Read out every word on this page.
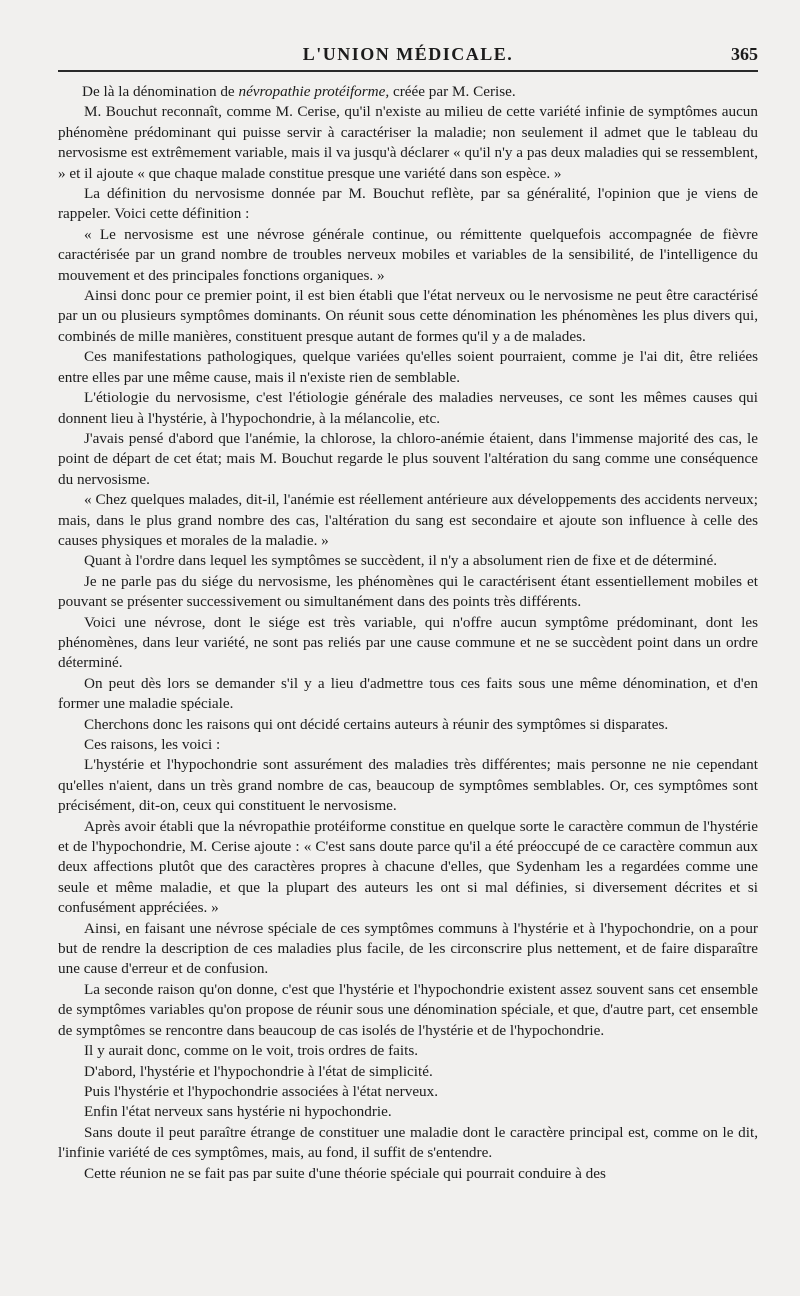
L'UNION MÉDICALE.	365

De là la dénomination de névropathie protéiforme, créée par M. Cerise.

M. Bouchut reconnaît, comme M. Cerise, qu'il n'existe au milieu de cette variété infinie de symptômes aucun phénomène prédominant qui puisse servir à caractériser la maladie; non seulement il admet que le tableau du nervosisme est extrêmement variable, mais il va jusqu'à déclarer « qu'il n'y a pas deux maladies qui se ressemblent, » et il ajoute « que chaque malade constitue presque une variété dans son espèce. »

La définition du nervosisme donnée par M. Bouchut reflète, par sa généralité, l'opinion que je viens de rappeler. Voici cette définition :

« Le nervosisme est une névrose générale continue, ou rémittente quelquefois accompagnée de fièvre caractérisée par un grand nombre de troubles nerveux mobiles et variables de la sensibilité, de l'intelligence du mouvement et des principales fonctions organiques. »

Ainsi donc pour ce premier point, il est bien établi que l'état nerveux ou le nervosisme ne peut être caractérisé par un ou plusieurs symptômes dominants. On réunit sous cette dénomination les phénomènes les plus divers qui, combinés de mille manières, constituent presque autant de formes qu'il y a de malades.

Ces manifestations pathologiques, quelque variées qu'elles soient pourraient, comme je l'ai dit, être reliées entre elles par une même cause, mais il n'existe rien de semblable.

L'étiologie du nervosisme, c'est l'étiologie générale des maladies nerveuses, ce sont les mêmes causes qui donnent lieu à l'hystérie, à l'hypochondrie, à la mélancolie, etc.

J'avais pensé d'abord que l'anémie, la chlorose, la chloro-anémie étaient, dans l'immense majorité des cas, le point de départ de cet état; mais M. Bouchut regarde le plus souvent l'altération du sang comme une conséquence du nervosisme.

« Chez quelques malades, dit-il, l'anémie est réellement antérieure aux développements des accidents nerveux; mais, dans le plus grand nombre des cas, l'altération du sang est secondaire et ajoute son influence à celle des causes physiques et morales de la maladie. »

Quant à l'ordre dans lequel les symptômes se succèdent, il n'y a absolument rien de fixe et de déterminé.

Je ne parle pas du siége du nervosisme, les phénomènes qui le caractérisent étant essentiellement mobiles et pouvant se présenter successivement ou simultanément dans des points très différents.

Voici une névrose, dont le siége est très variable, qui n'offre aucun symptôme prédominant, dont les phénomènes, dans leur variété, ne sont pas reliés par une cause commune et ne se succèdent point dans un ordre déterminé.

On peut dès lors se demander s'il y a lieu d'admettre tous ces faits sous une même dénomination, et d'en former une maladie spéciale.

Cherchons donc les raisons qui ont décidé certains auteurs à réunir des symptômes si disparates.

Ces raisons, les voici :

L'hystérie et l'hypochondrie sont assurément des maladies très différentes; mais personne ne nie cependant qu'elles n'aient, dans un très grand nombre de cas, beaucoup de symptômes semblables. Or, ces symptômes sont précisément, dit-on, ceux qui constituent le nervosisme.

Après avoir établi que la névropathie protéiforme constitue en quelque sorte le caractère commun de l'hystérie et de l'hypochondrie, M. Cerise ajoute : « C'est sans doute parce qu'il a été préoccupé de ce caractère commun aux deux affections plutôt que des caractères propres à chacune d'elles, que Sydenham les a regardées comme une seule et même maladie, et que la plupart des auteurs les ont si mal définies, si diversement décrites et si confusément appréciées. »

Ainsi, en faisant une névrose spéciale de ces symptômes communs à l'hystérie et à l'hypochondrie, on a pour but de rendre la description de ces maladies plus facile, de les circonscrire plus nettement, et de faire disparaître une cause d'erreur et de confusion.

La seconde raison qu'on donne, c'est que l'hystérie et l'hypochondrie existent assez souvent sans cet ensemble de symptômes variables qu'on propose de réunir sous une dénomination spéciale, et que, d'autre part, cet ensemble de symptômes se rencontre dans beaucoup de cas isolés de l'hystérie et de l'hypochondrie.

Il y aurait donc, comme on le voit, trois ordres de faits.

D'abord, l'hystérie et l'hypochondrie à l'état de simplicité.

Puis l'hystérie et l'hypochondrie associées à l'état nerveux.

Enfin l'état nerveux sans hystérie ni hypochondrie.

Sans doute il peut paraître étrange de constituer une maladie dont le caractère principal est, comme on le dit, l'infinie variété de ces symptômes, mais, au fond, il suffit de s'entendre.

Cette réunion ne se fait pas par suite d'une théorie spéciale qui pourrait conduire à des
